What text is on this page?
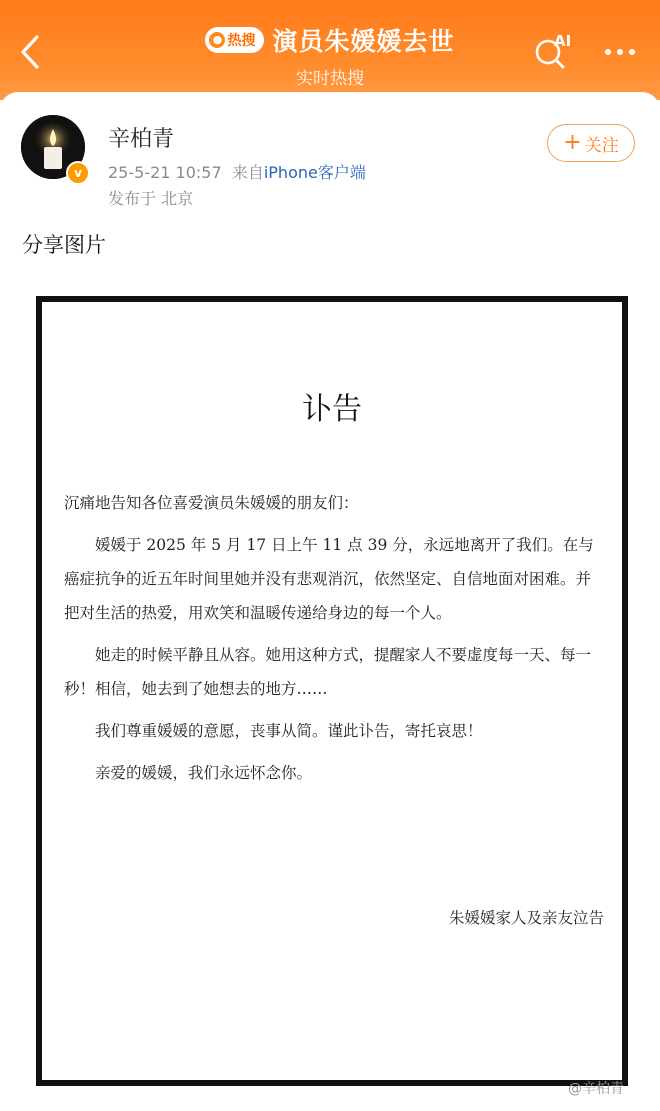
● 热搜 演员朱媛媛去世
实时热搜
AI
v
辛柏青
25-5-21 10:57 来自iPhone客户端
发布于 北京
+ 关注
分享图片
讣告

沉痛地告知各位喜爱演员朱媛媛的朋友们：

媛媛于 2025 年 5 月 17 日上午 11 点 39 分，永远地离开了我们。在与癌症抗争的近五年时间里她并没有悲观消沉，依然坚定、自信地面对困难。并把对生活的热爱，用欢笑和温暖传递给身边的每一个人。

她走的时候平静且从容。她用这种方式，提醒家人不要虚度每一天、每一秒！相信，她去到了她想去的地方……

我们尊重媛媛的意愿，丧事从简。谨此讣告，寄托哀思！

亲爱的媛媛，我们永远怀念你。

朱媛媛家人及亲友泣告
@辛柏青
